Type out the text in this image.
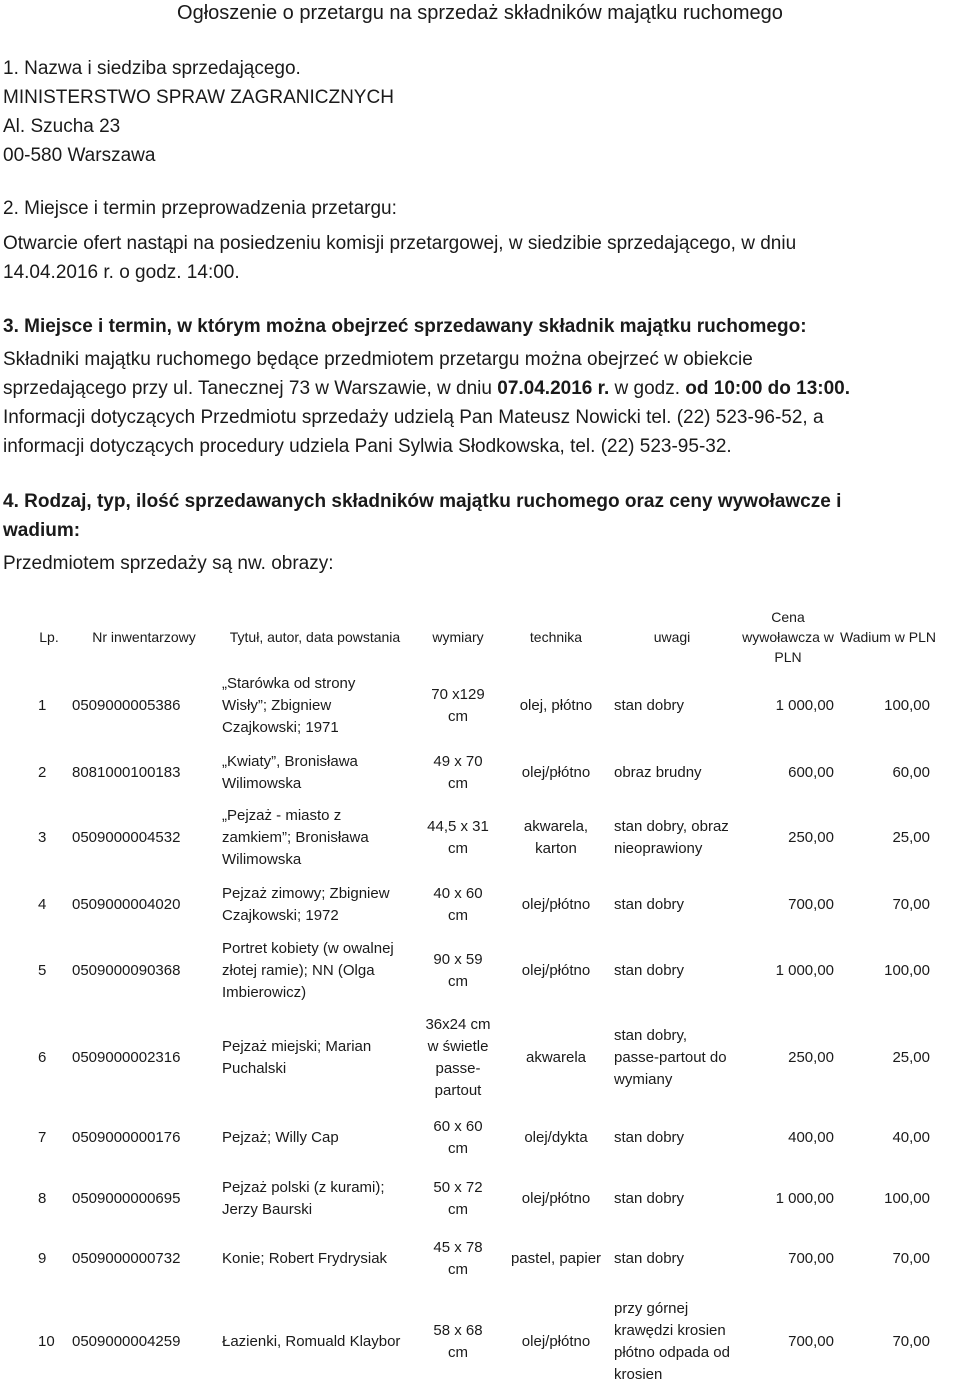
Ogłoszenie o przetargu na sprzedaż składników majątku ruchomego
1. Nazwa i siedziba sprzedającego.
MINISTERSTWO SPRAW ZAGRANICZNYCH
Al. Szucha 23
00-580 Warszawa
2. Miejsce i termin przeprowadzenia przetargu:
Otwarcie ofert nastąpi na posiedzeniu komisji przetargowej, w siedzibie sprzedającego, w dniu
14.04.2016 r. o godz. 14:00.
3. Miejsce i termin, w którym można obejrzeć sprzedawany składnik majątku ruchomego:
Składniki majątku ruchomego będące przedmiotem przetargu można obejrzeć w obiekcie
sprzedającego przy ul. Tanecznej 73 w Warszawie, w dniu 07.04.2016 r. w godz. od 10:00 do 13:00.
Informacji dotyczących Przedmiotu sprzedaży udzielą Pan Mateusz Nowicki tel. (22) 523-96-52, a
informacji dotyczących procedury udziela Pani Sylwia Słodkowska, tel. (22) 523-95-32.
4. Rodzaj, typ, ilość sprzedawanych składników majątku ruchomego oraz ceny wywoławcze i
wadium:
Przedmiotem sprzedaży są nw. obrazy:
Lp.	Nr inwentarzowy	Tytuł, autor, data powstania	wymiary	technika	uwagi	Cena wywoławcza w PLN	Wadium w PLN
1	0509000005386	„Starówka od strony Wisły”; Zbigniew Czajkowski; 1971	70 x129 cm	olej, płótno	stan dobry	1 000,00	100,00
2	8081000100183	„Kwiaty”, Bronisława Wilimowska	49 x 70 cm	olej/płótno	obraz brudny	600,00	60,00
3	0509000004532	„Pejzaż - miasto z zamkiem”; Bronisława Wilimowska	44,5 x 31 cm	akwarela, karton	stan dobry, obraz nieoprawiony	250,00	25,00
4	0509000004020	Pejzaż zimowy; Zbigniew Czajkowski; 1972	40 x 60 cm	olej/płótno	stan dobry	700,00	70,00
5	0509000090368	Portret kobiety (w owalnej złotej ramie); NN (Olga Imbierowicz)	90 x 59 cm	olej/płótno	stan dobry	1 000,00	100,00
6	0509000002316	Pejzaż miejski; Marian Puchalski	36x24 cm w świetle passe-partout	akwarela	stan dobry, passe-partout do wymiany	250,00	25,00
7	0509000000176	Pejzaż; Willy Cap	60 x 60 cm	olej/dykta	stan dobry	400,00	40,00
8	0509000000695	Pejzaż polski (z kurami); Jerzy Baurski	50 x 72 cm	olej/płótno	stan dobry	1 000,00	100,00
9	0509000000732	Konie; Robert Frydrysiak	45 x 78 cm	pastel, papier	stan dobry	700,00	70,00
10	0509000004259	Łazienki, Romuald Klaybor	58 x 68 cm	olej/płótno	przy górnej krawędzi krosien płótno odpada od krosien	700,00	70,00
